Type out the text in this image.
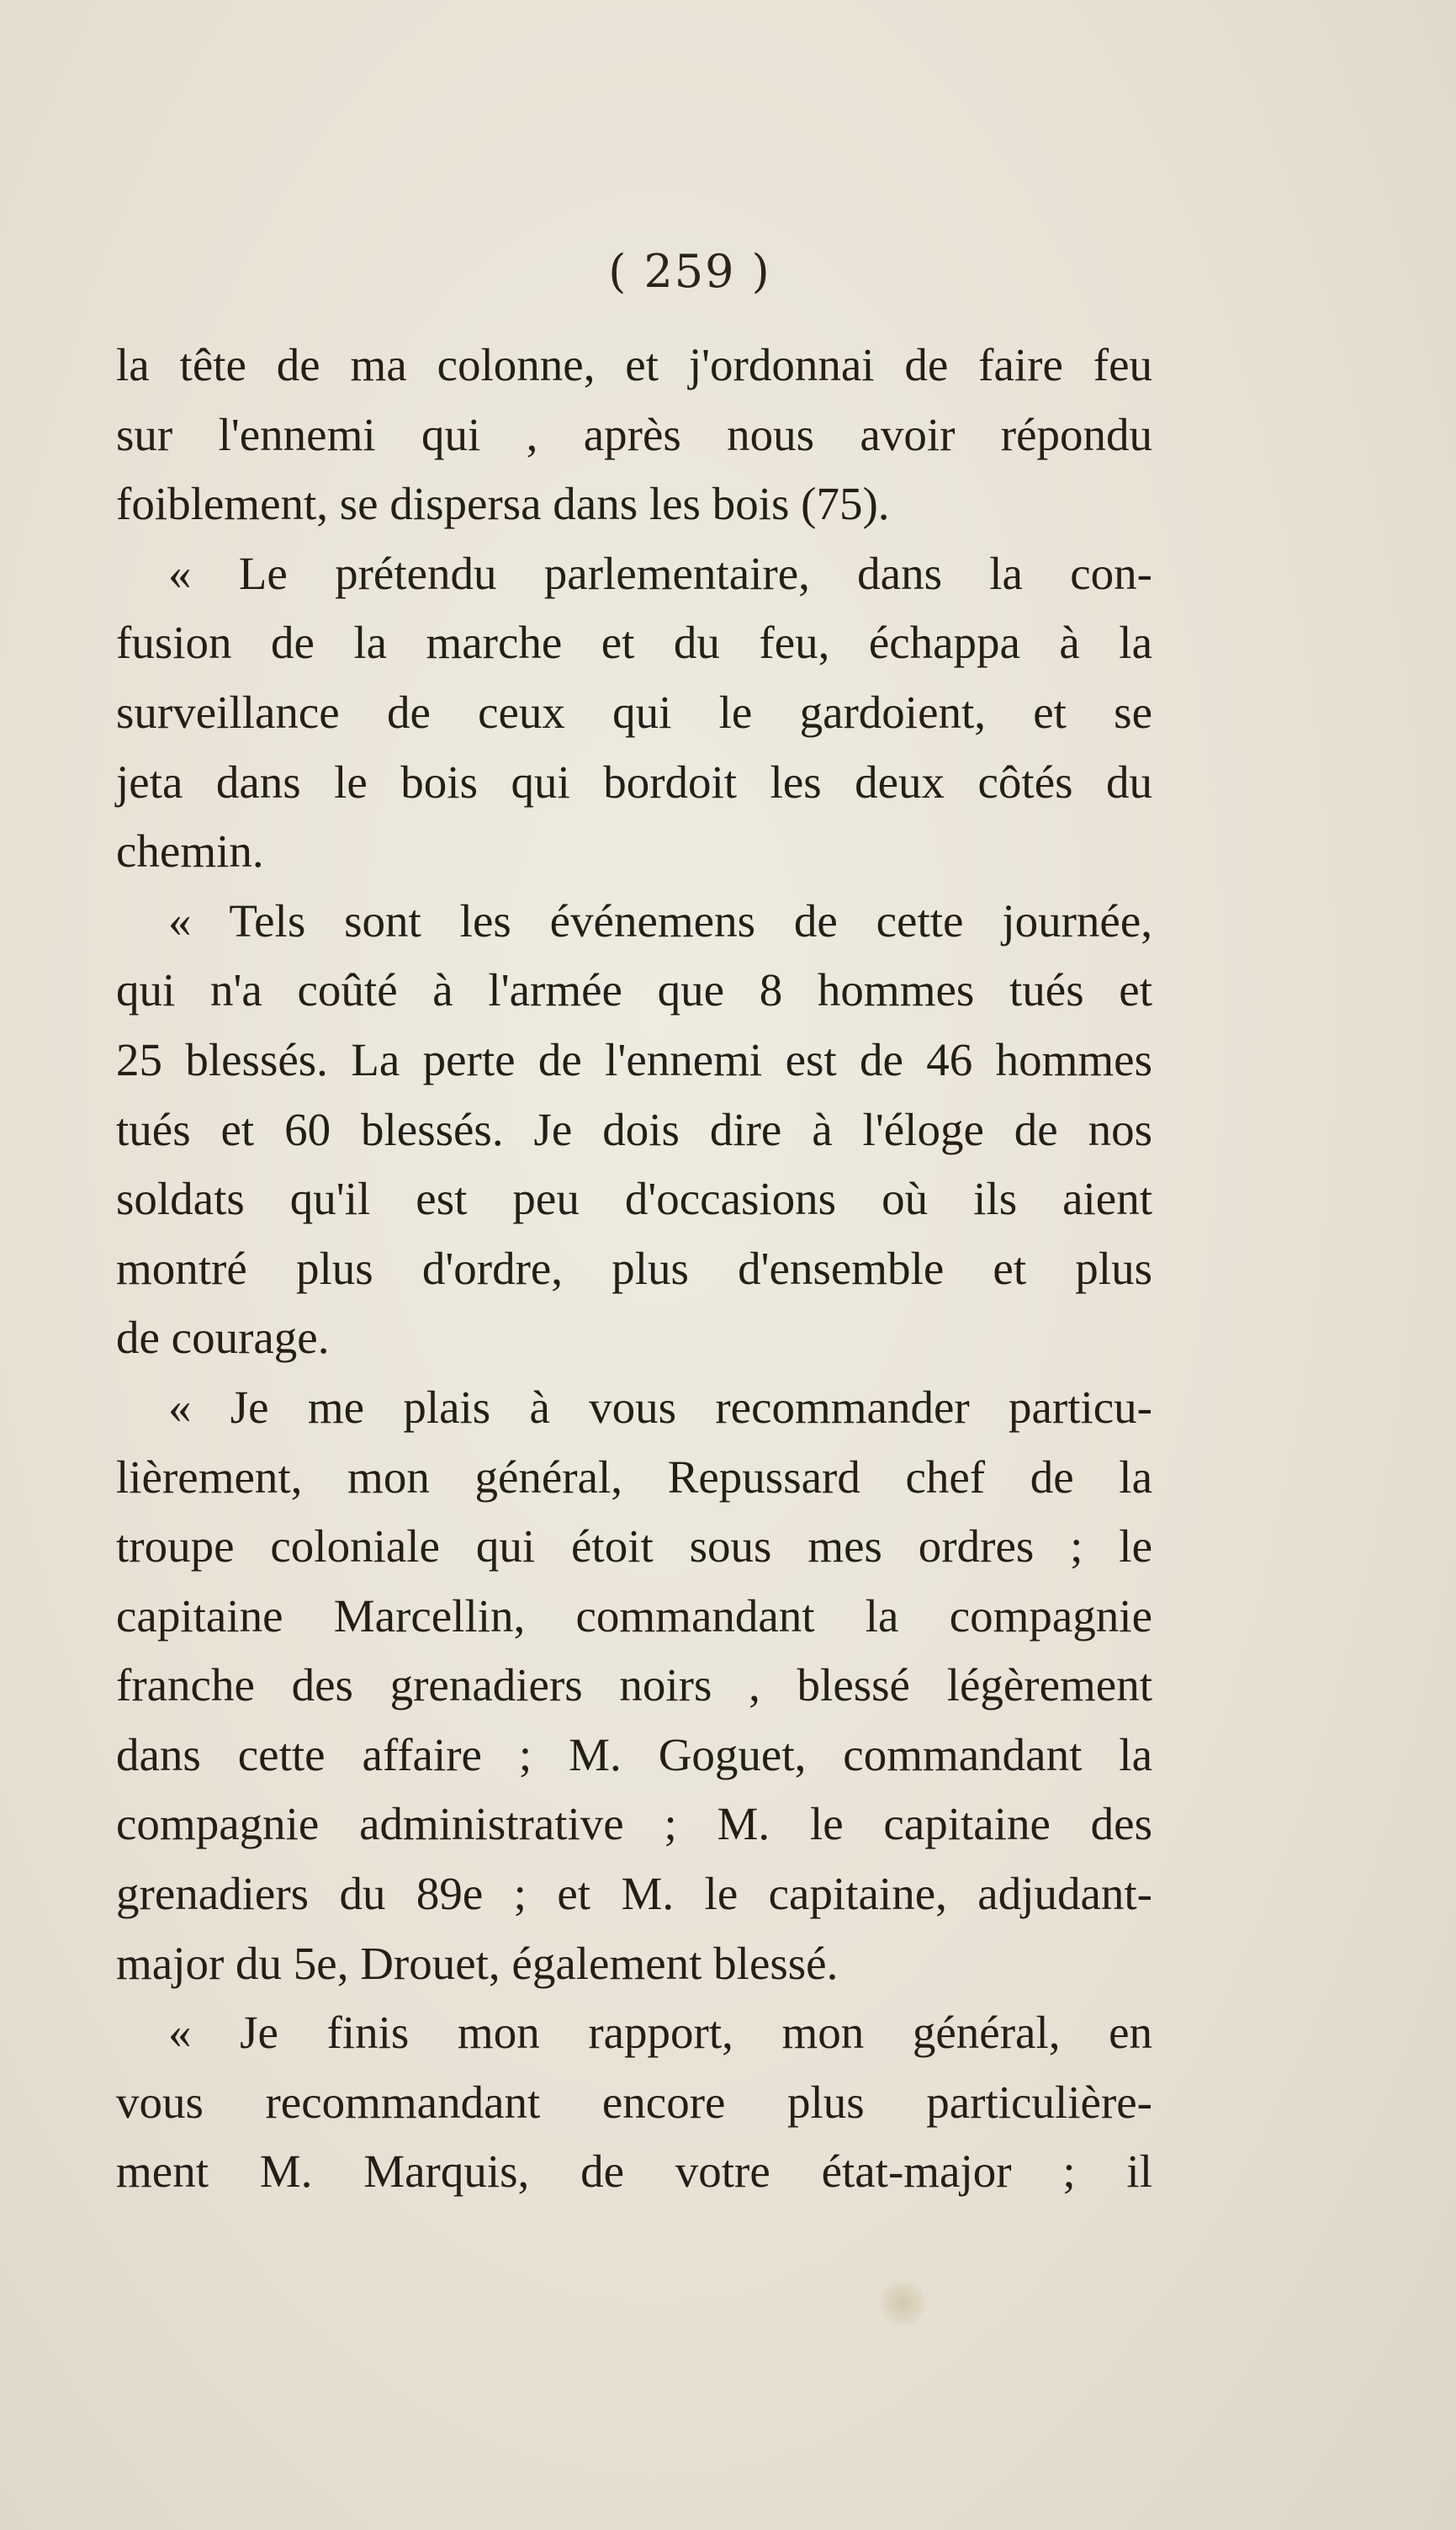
( 259 )
la tête de ma colonne, et j'ordonnai de faire feu
sur l'ennemi qui , après nous avoir répondu
foiblement, se dispersa dans les bois (75).
« Le prétendu parlementaire, dans la con-
fusion de la marche et du feu, échappa à la
surveillance de ceux qui le gardoient, et se
jeta dans le bois qui bordoit les deux côtés du
chemin.
« Tels sont les événemens de cette journée,
qui n'a coûté à l'armée que 8 hommes tués et
25 blessés. La perte de l'ennemi est de 46 hommes
tués et 60 blessés. Je dois dire à l'éloge de nos
soldats qu'il est peu d'occasions où ils aient
montré plus d'ordre, plus d'ensemble et plus
de courage.
« Je me plais à vous recommander particu-
lièrement, mon général, Repussard chef de la
troupe coloniale qui étoit sous mes ordres ; le
capitaine Marcellin, commandant la compagnie
franche des grenadiers noirs , blessé légèrement
dans cette affaire ; M. Goguet, commandant la
compagnie administrative ; M. le capitaine des
grenadiers du 89e ; et M. le capitaine, adjudant-
major du 5e, Drouet, également blessé.
« Je finis mon rapport, mon général, en
vous recommandant encore plus particulière-
ment M. Marquis, de votre état-major ; il
